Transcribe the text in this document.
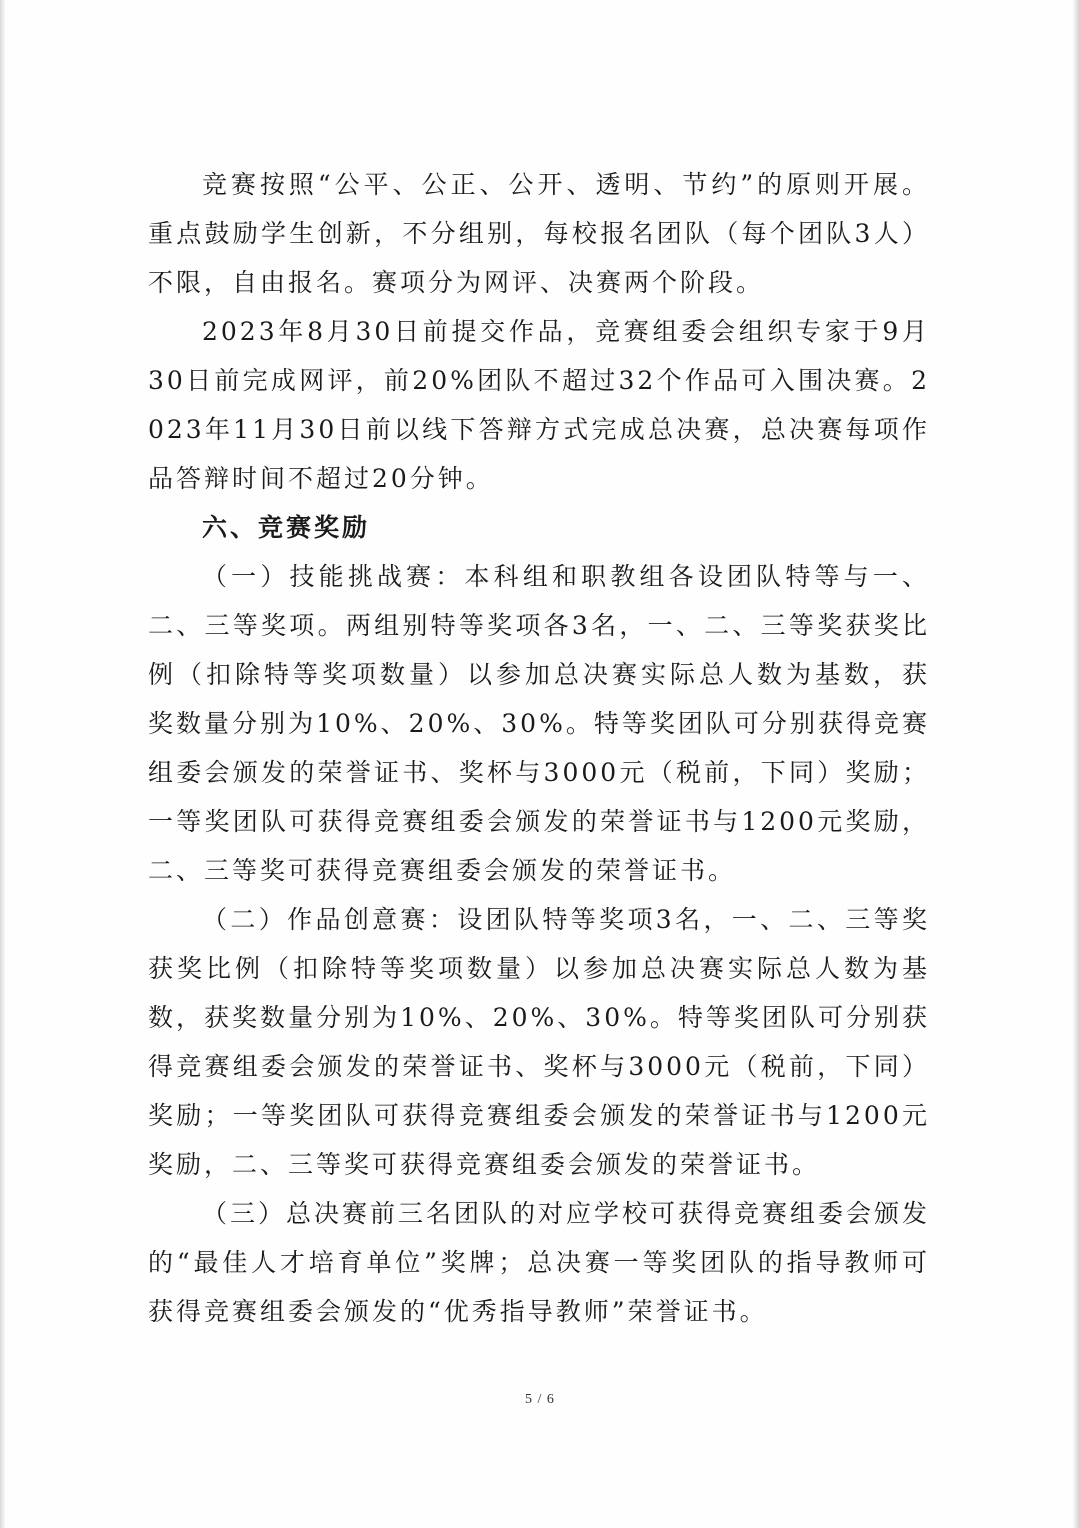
竞赛按照“公平、公正、公开、透明、节约”的原则开展。重点鼓励学生创新，不分组别，每校报名团队（每个团队3人）不限，自由报名。赛项分为网评、决赛两个阶段。

2023年8月30日前提交作品，竞赛组委会组织专家于9月30日前完成网评，前20%团队不超过32个作品可入围决赛。2023年11月30日前以线下答辩方式完成总决赛，总决赛每项作品答辩时间不超过20分钟。

六、竞赛奖励

（一）技能挑战赛：本科组和职教组各设团队特等与一、二、三等奖项。两组别特等奖项各3名，一、二、三等奖获奖比例（扣除特等奖项数量）以参加总决赛实际总人数为基数，获奖数量分别为10%、20%、30%。特等奖团队可分别获得竞赛组委会颁发的荣誉证书、奖杯与3000元（税前，下同）奖励；一等奖团队可获得竞赛组委会颁发的荣誉证书与1200元奖励，二、三等奖可获得竞赛组委会颁发的荣誉证书。

（二）作品创意赛：设团队特等奖项3名，一、二、三等奖获奖比例（扣除特等奖项数量）以参加总决赛实际总人数为基数，获奖数量分别为10%、20%、30%。特等奖团队可分别获得竞赛组委会颁发的荣誉证书、奖杯与3000元（税前，下同）奖励；一等奖团队可获得竞赛组委会颁发的荣誉证书与1200元奖励，二、三等奖可获得竞赛组委会颁发的荣誉证书。

（三）总决赛前三名团队的对应学校可获得竞赛组委会颁发的“最佳人才培育单位”奖牌；总决赛一等奖团队的指导教师可获得竞赛组委会颁发的“优秀指导教师”荣誉证书。

5 / 6
